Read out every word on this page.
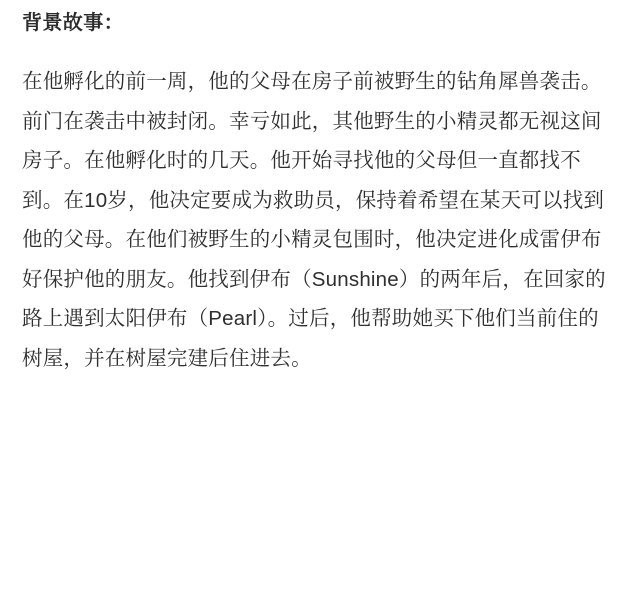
背景故事：

在他孵化的前一周，他的父母在房子前被野生的钻角犀兽袭击。前门在袭击中被封闭。幸亏如此，其他野生的小精灵都无视这间房子。在他孵化时的几天。他开始寻找他的父母但一直都找不到。在10岁，他决定要成为救助员，保持着希望在某天可以找到他的父母。在他们被野生的小精灵包围时，他决定进化成雷伊布好保护他的朋友。他找到伊布（Sunshine）的两年后，在回家的路上遇到太阳伊布（Pearl）。过后，他帮助她买下他们当前住的树屋，并在树屋完建后住进去。
